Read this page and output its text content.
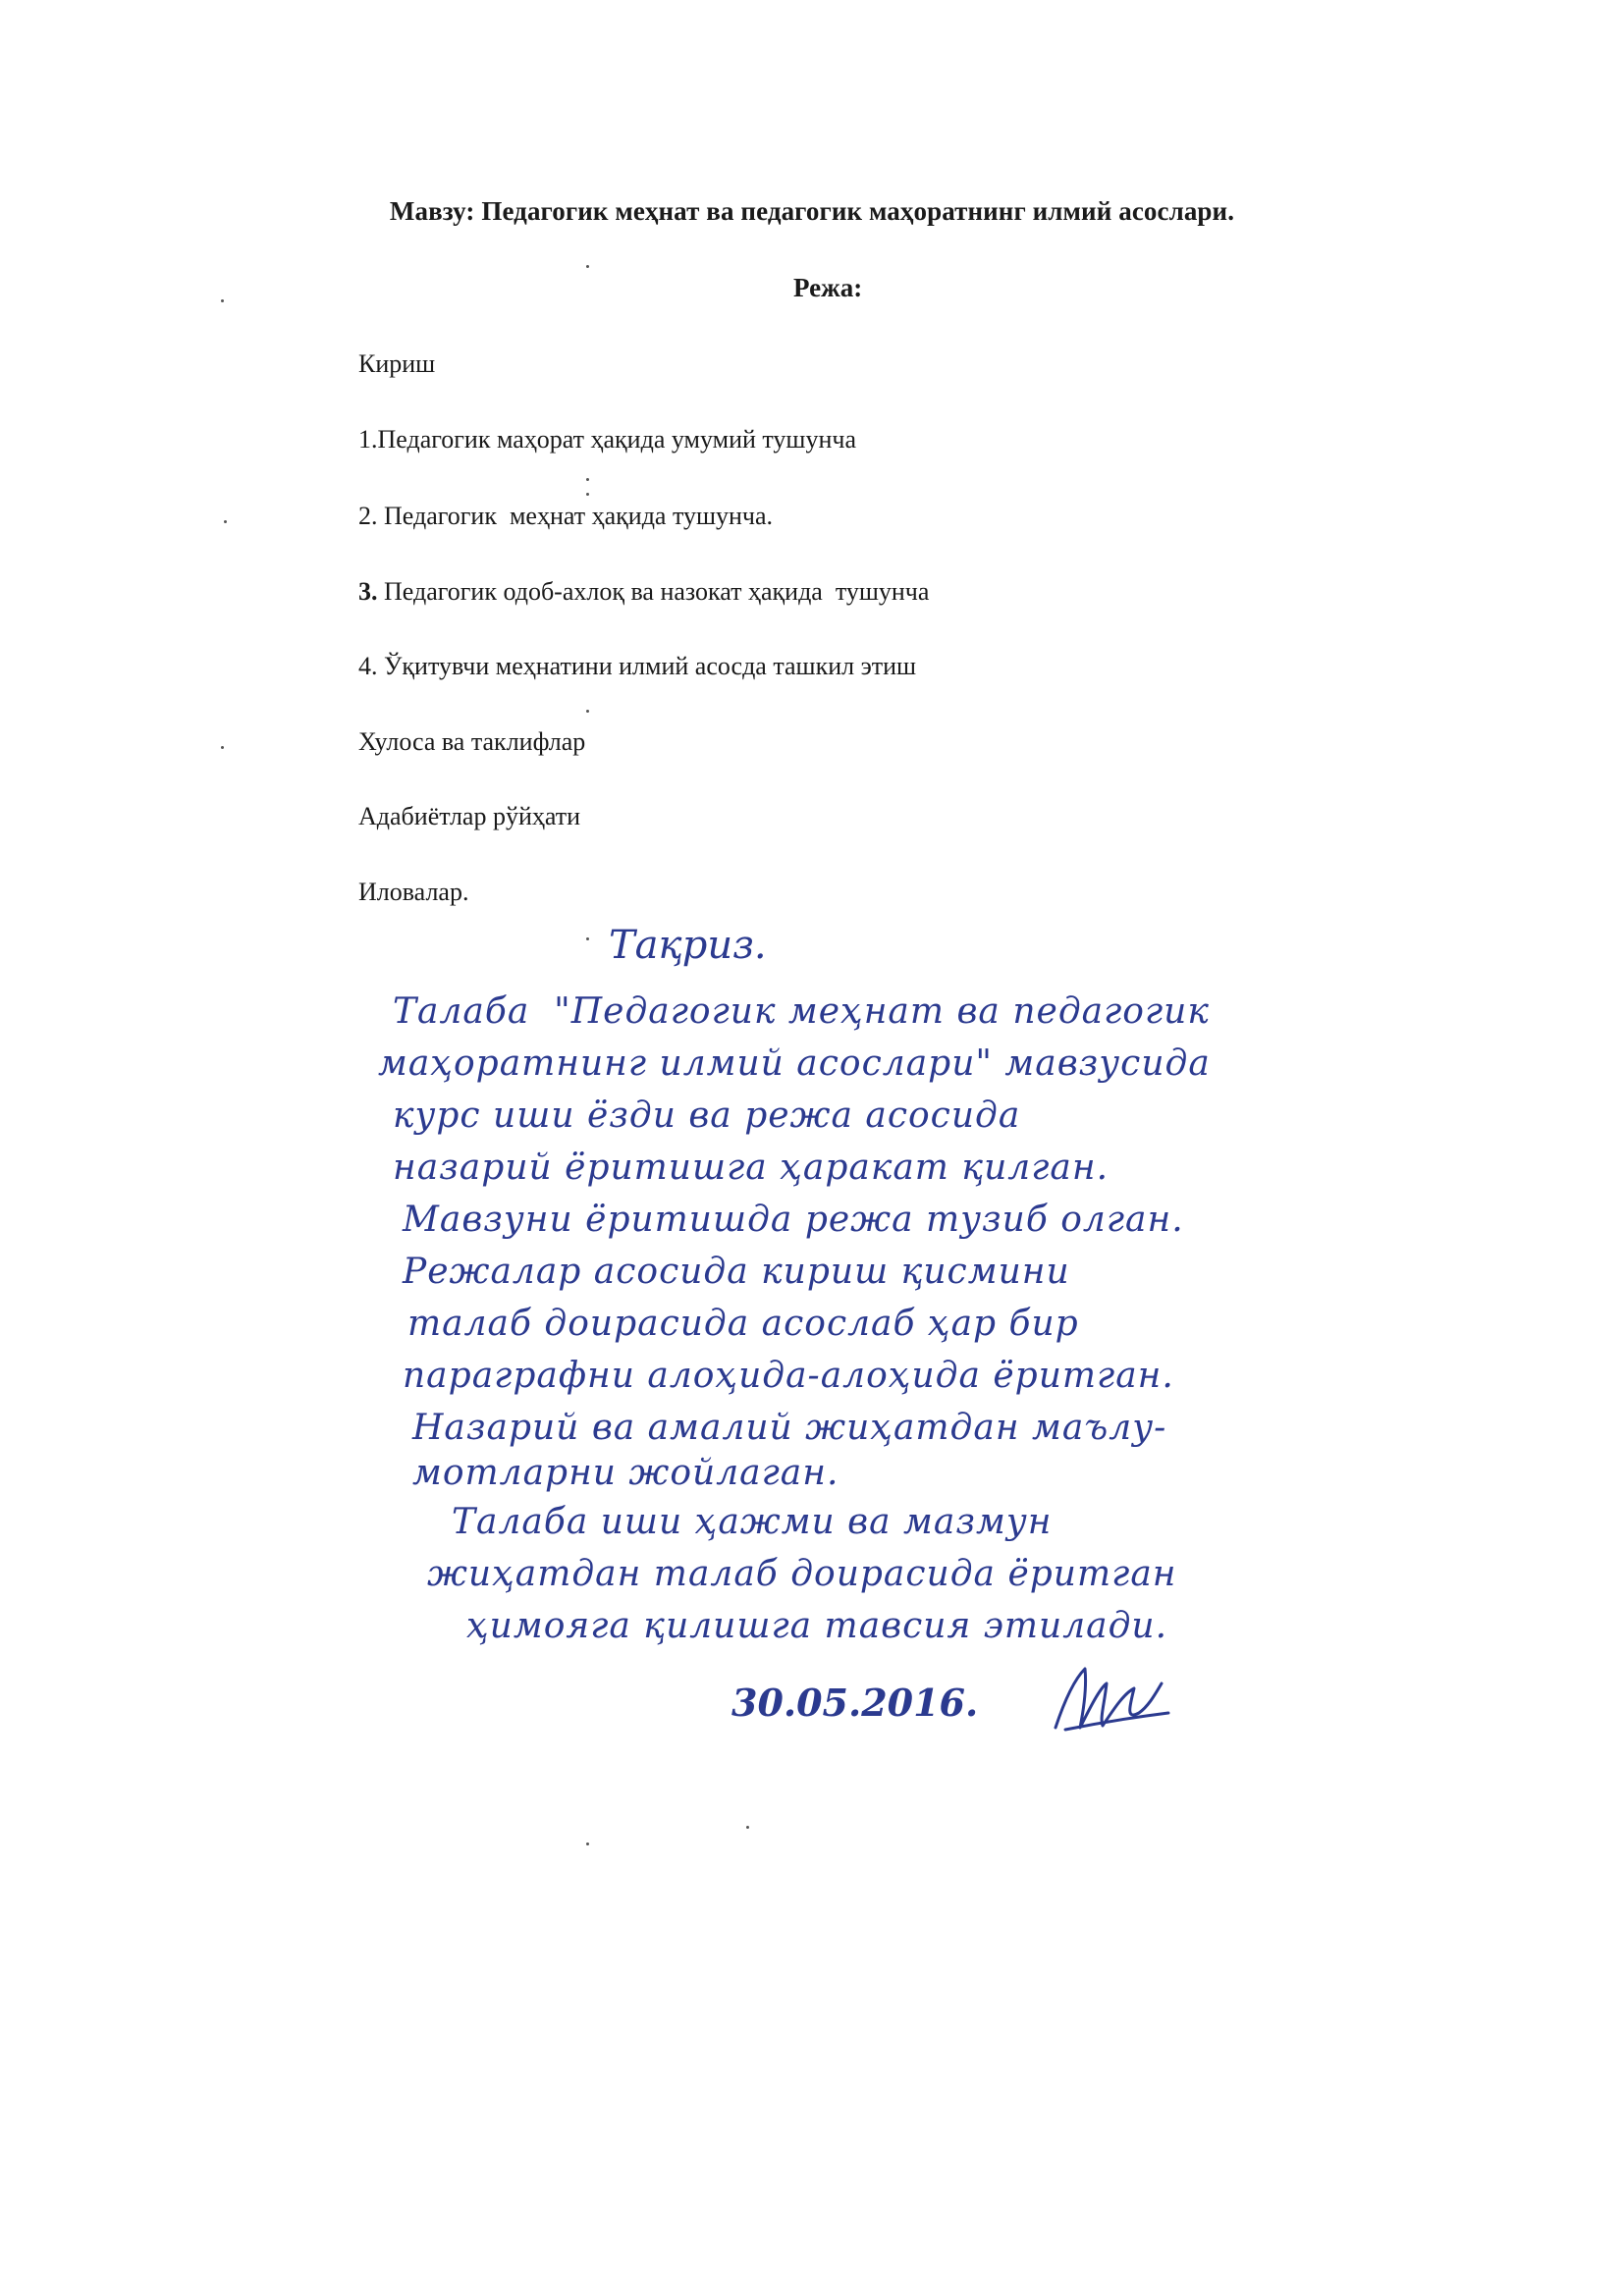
Мавзу: Педагогик меҳнат ва педагогик маҳоратнинг илмий асослари.
Режа:
Кириш
1.Педагогик маҳорат ҳақида умумий тушунча
2. Педагогик  меҳнат ҳақида тушунча.
3. Педагогик одоб-ахлоқ ва назокат ҳақида  тушунча
4. Ўқитувчи меҳнатини илмий асосда ташкил этиш
Хулоса ва таклифлар
Адабиётлар рўйҳати
Иловалар.
Тақриз.
Талаба  "Педагогик меҳнат ва педагогик
маҳоратнинг илмий асослари" мавзусида
курс иши ёзди ва режа асосида
назарий ёритишга ҳаракат қилган.
Мавзуни ёритишда режа тузиб олган.
Режалар асосида кириш қисмини
талаб доирасида асослаб ҳар бир
параграфни алоҳида-алоҳида ёритган.
Назарий ва амалий жиҳатдан маълу-
мотларни жойлаган.
Талаба иши ҳажми ва мазмун
жиҳатдан талаб доирасида ёритган
ҳимояга қилишга тавсия этилади.
30.05.2016.
